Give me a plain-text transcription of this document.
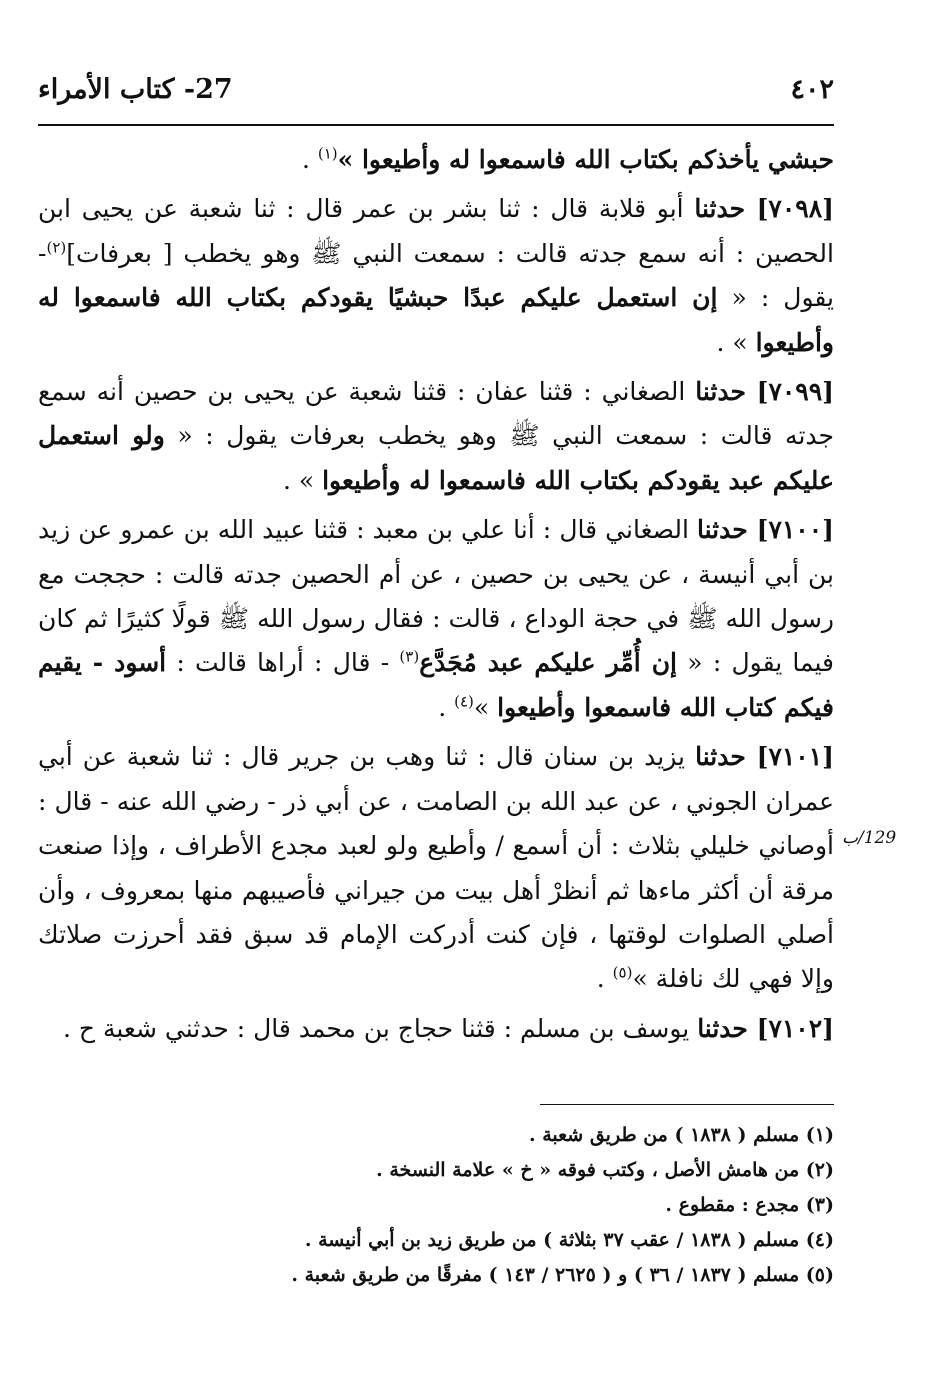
٤٠٢
27- كتاب الأمراء

حبشي يأخذكم بكتاب الله فاسمعوا له وأطيعوا »$^{(١)}$ .

[٧٠٩٨] حدثنا أبو قلابة قال : ثنا بشر بن عمر قال : ثنا شعبة عن يحيى ابن الحصين : أنه سمع جدته قالت : سمعت النبي ﷺ وهو يخطب [ بعرفات]$^{(٢)}$- يقول : « إن استعمل عليكم عبدًا حبشيًا يقودكم بكتاب الله فاسمعوا له وأطيعوا » .

[٧٠٩٩] حدثنا الصغاني : قثنا عفان : قثنا شعبة عن يحيى بن حصين أنه سمع جدته قالت : سمعت النبي ﷺ وهو يخطب بعرفات يقول : « ولو استعمل عليكم عبد يقودكم بكتاب الله فاسمعوا له وأطيعوا » .

[٧١٠٠] حدثنا الصغاني قال : أنا علي بن معبد : قثنا عبيد الله بن عمرو عن زيد بن أبي أنيسة ، عن يحيى بن حصين ، عن أم الحصين جدته قالت : حججت مع رسول الله ﷺ في حجة الوداع ، قالت : فقال رسول الله ﷺ قولًا كثيرًا ثم كان فيما يقول : « إن أُمِّر عليكم عبد مُجَدَّع$^{(٣)}$ - قال : أراها قالت : أسود - يقيم فيكم كتاب الله فاسمعوا وأطيعوا »$^{(٤)}$ .

[٧١٠١] حدثنا يزيد بن سنان قال : ثنا وهب بن جرير قال : ثنا شعبة عن أبي عمران الجوني ، عن عبد الله بن الصامت ، عن أبي ذر - رضي الله عنه - قال : أوصاني خليلي بثلاث : أن أسمع / وأطيع ولو لعبد مجدع الأطراف ، وإذا صنعت مرقة أن أكثر ماءها ثم أنظرْ أهل بيت من جيراني فأصيبهم منها بمعروف ، وأن أصلي الصلوات لوقتها ، فإن كنت أدركت الإمام قد سبق فقد أحرزت صلاتك وإلا فهي لك نافلة »$^{(٥)}$ .

[٧١٠٢] حدثنا يوسف بن مسلم : قثنا حجاج بن محمد قال : حدثني شعبة ح .

129/ب
(١) مسلم ( ١٨٣٨ ) من طريق شعبة .
(٢) من هامش الأصل ، وكتب فوقه « خ » علامة النسخة .
(٣) مجدع : مقطوع .
(٤) مسلم ( ١٨٣٨ / عقب ٣٧ بثلاثة ) من طريق زيد بن أبي أنيسة .
(٥) مسلم ( ١٨٣٧ / ٣٦ ) و ( ٢٦٢٥ / ١٤٣ ) مفرقًا من طريق شعبة .
